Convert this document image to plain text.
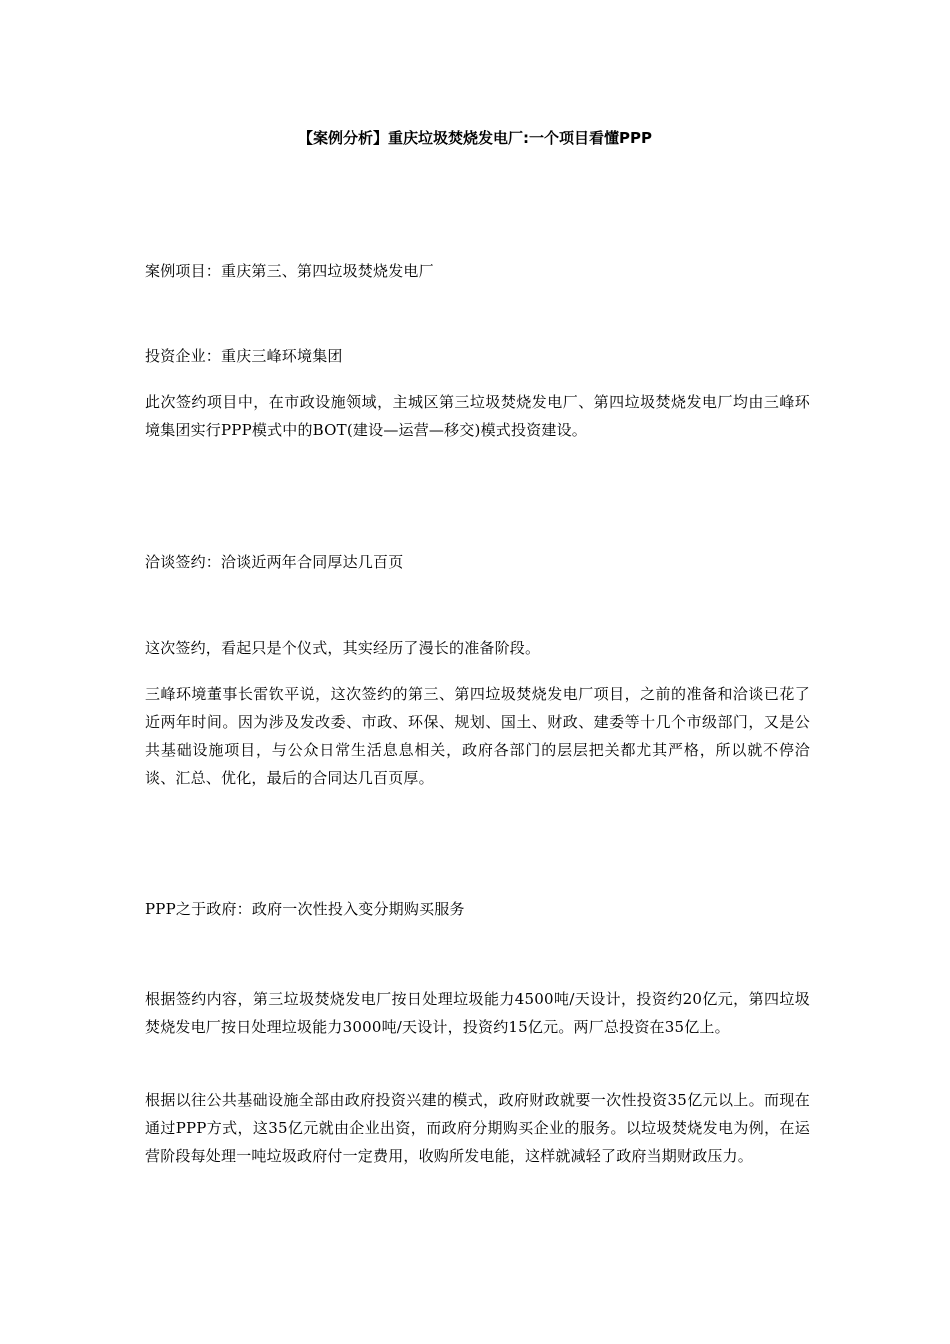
【案例分析】重庆垃圾焚烧发电厂:一个项目看懂PPP

案例项目：重庆第三、第四垃圾焚烧发电厂

投资企业：重庆三峰环境集团

此次签约项目中，在市政设施领域，主城区第三垃圾焚烧发电厂、第四垃圾焚烧发电厂均由三峰环境集团实行PPP模式中的BOT(建设—运营—移交)模式投资建设。

洽谈签约：洽谈近两年合同厚达几百页

这次签约，看起只是个仪式，其实经历了漫长的准备阶段。

三峰环境董事长雷钦平说，这次签约的第三、第四垃圾焚烧发电厂项目，之前的准备和洽谈已花了近两年时间。因为涉及发改委、市政、环保、规划、国土、财政、建委等十几个市级部门，又是公共基础设施项目，与公众日常生活息息相关，政府各部门的层层把关都尤其严格，所以就不停洽谈、汇总、优化，最后的合同达几百页厚。

PPP之于政府：政府一次性投入变分期购买服务

根据签约内容，第三垃圾焚烧发电厂按日处理垃圾能力4500吨/天设计，投资约20亿元，第四垃圾焚烧发电厂按日处理垃圾能力3000吨/天设计，投资约15亿元。两厂总投资在35亿上。

根据以往公共基础设施全部由政府投资兴建的模式，政府财政就要一次性投资35亿元以上。而现在通过PPP方式，这35亿元就由企业出资，而政府分期购买企业的服务。以垃圾焚烧发电为例，在运营阶段每处理一吨垃圾政府付一定费用，收购所发电能，这样就减轻了政府当期财政压力。
